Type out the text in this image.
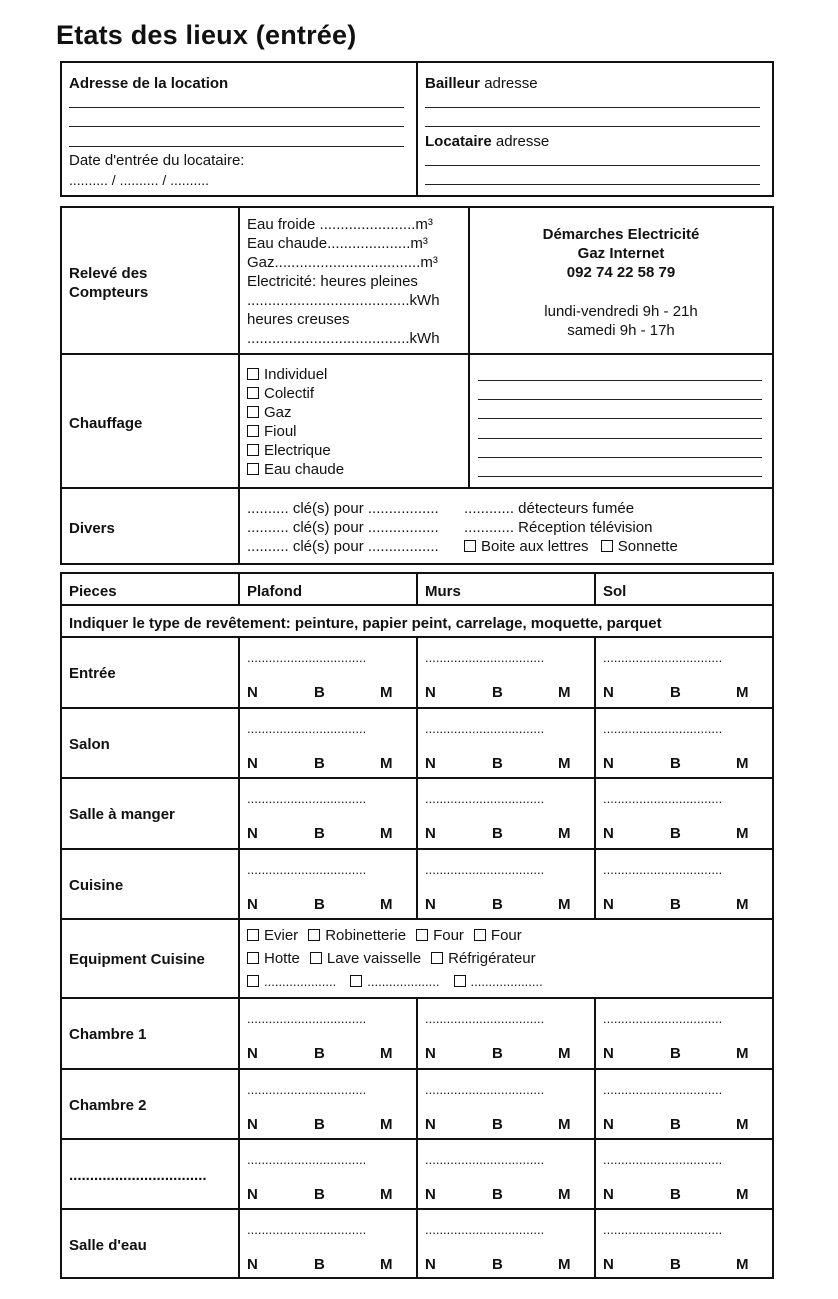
Etats des lieux (entrée)
Adresse de la location
Date d'entrée du locataire:
.......... / .......... / ..........
Bailleur adresse
Locataire adresse
Relevé des
Compteurs
Eau froide .......................m³
Eau chaude....................m³
Gaz...................................m³
Electricité: heures pleines
.......................................kWh
heures creuses
.......................................kWh
Démarches Electricité
Gaz Internet
092 74 22 58 79
lundi-vendredi 9h - 21h
samedi 9h - 17h
Chauffage
Individuel
Colectif
Gaz
Fioul
Electrique
Eau chaude
Divers
.......... clé(s) pour .................
.......... clé(s) pour .................
.......... clé(s) pour .................
............ détecteurs fumée
............ Réception télévision
Boite aux lettres Sonnette
Pieces	Plafond	Murs	Sol
Indiquer le type de revêtement: peinture, papier peint, carrelage, moquette, parquet
Entrée
.................................
N	B	M
.................................
N	B	M
.................................
N	B	M
Salon
.................................
N	B	M
.................................
N	B	M
.................................
N	B	M
Salle à manger
.................................
N	B	M
.................................
N	B	M
.................................
N	B	M
Cuisine
.................................
N	B	M
.................................
N	B	M
.................................
N	B	M
Equipment Cuisine
Evier Robinetterie Four Four
Hotte Lave vaisselle Réfrigérateur
.................... .................... ....................
Chambre 1
.................................
N	B	M
.................................
N	B	M
.................................
N	B	M
Chambre 2
.................................
N	B	M
.................................
N	B	M
.................................
N	B	M
.................................
.................................
N	B	M
.................................
N	B	M
.................................
N	B	M
Salle d'eau
.................................
N	B	M
.................................
N	B	M
.................................
N	B	M
